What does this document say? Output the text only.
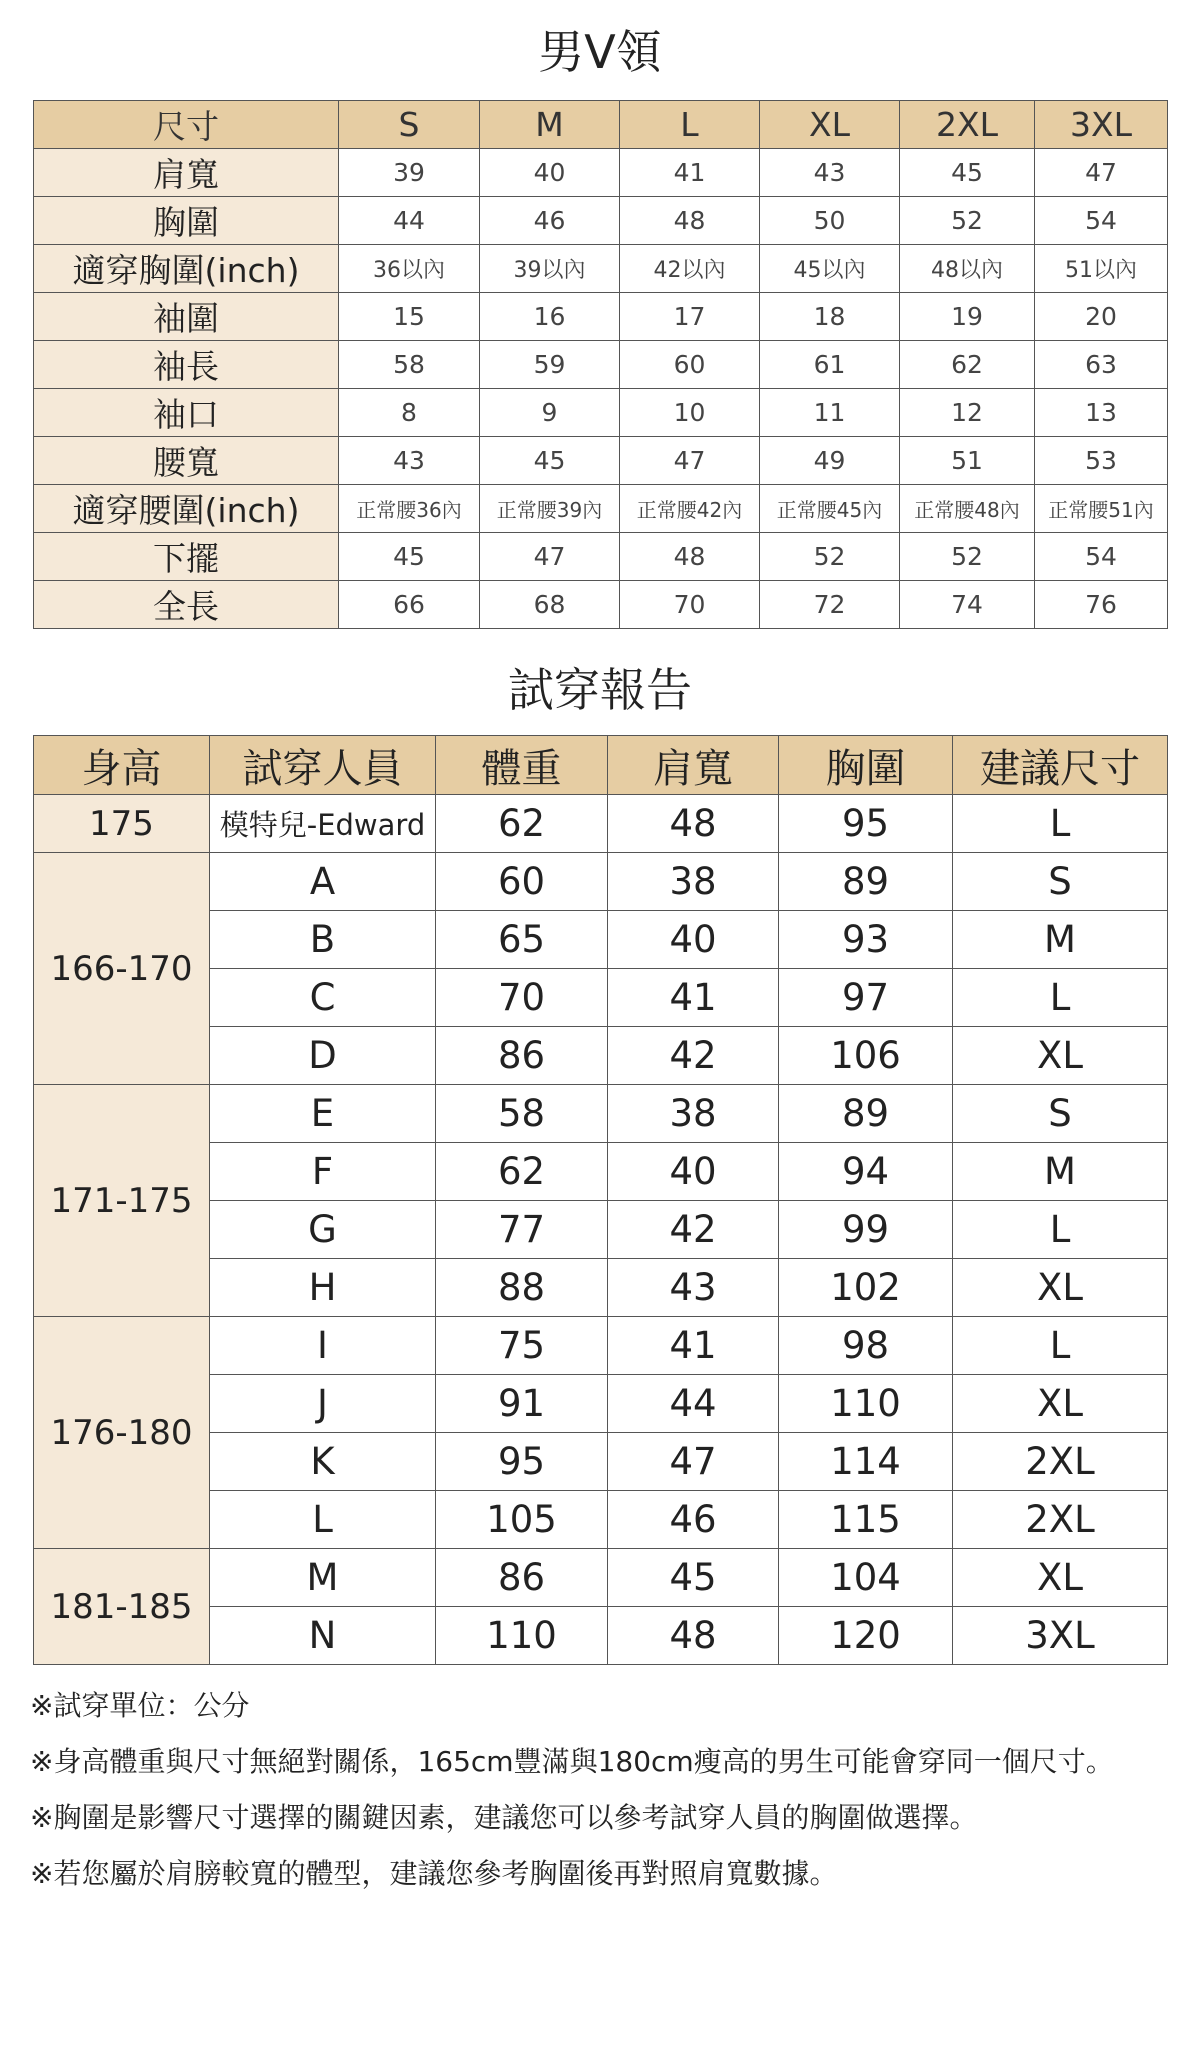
男V領
尺寸	S	M	L	XL	2XL	3XL
肩寬	39	40	41	43	45	47
胸圍	44	46	48	50	52	54
適穿胸圍(inch)	36以內	39以內	42以內	45以內	48以內	51以內
袖圍	15	16	17	18	19	20
袖長	58	59	60	61	62	63
袖口	8	9	10	11	12	13
腰寬	43	45	47	49	51	53
適穿腰圍(inch)	正常腰36內	正常腰39內	正常腰42內	正常腰45內	正常腰48內	正常腰51內
下擺	45	47	48	52	52	54
全長	66	68	70	72	74	76
試穿報告
身高	試穿人員	體重	肩寬	胸圍	建議尺寸
175	模特兒-Edward	62	48	95	L
166-170	A	60	38	89	S
	B	65	40	93	M
	C	70	41	97	L
	D	86	42	106	XL
171-175	E	58	38	89	S
	F	62	40	94	M
	G	77	42	99	L
	H	88	43	102	XL
176-180	I	75	41	98	L
	J	91	44	110	XL
	K	95	47	114	2XL
	L	105	46	115	2XL
181-185	M	86	45	104	XL
	N	110	48	120	3XL
※試穿單位：公分
※身高體重與尺寸無絕對關係，165cm豐滿與180cm瘦高的男生可能會穿同一個尺寸。
※胸圍是影響尺寸選擇的關鍵因素，建議您可以參考試穿人員的胸圍做選擇。
※若您屬於肩膀較寬的體型，建議您參考胸圍後再對照肩寬數據。
